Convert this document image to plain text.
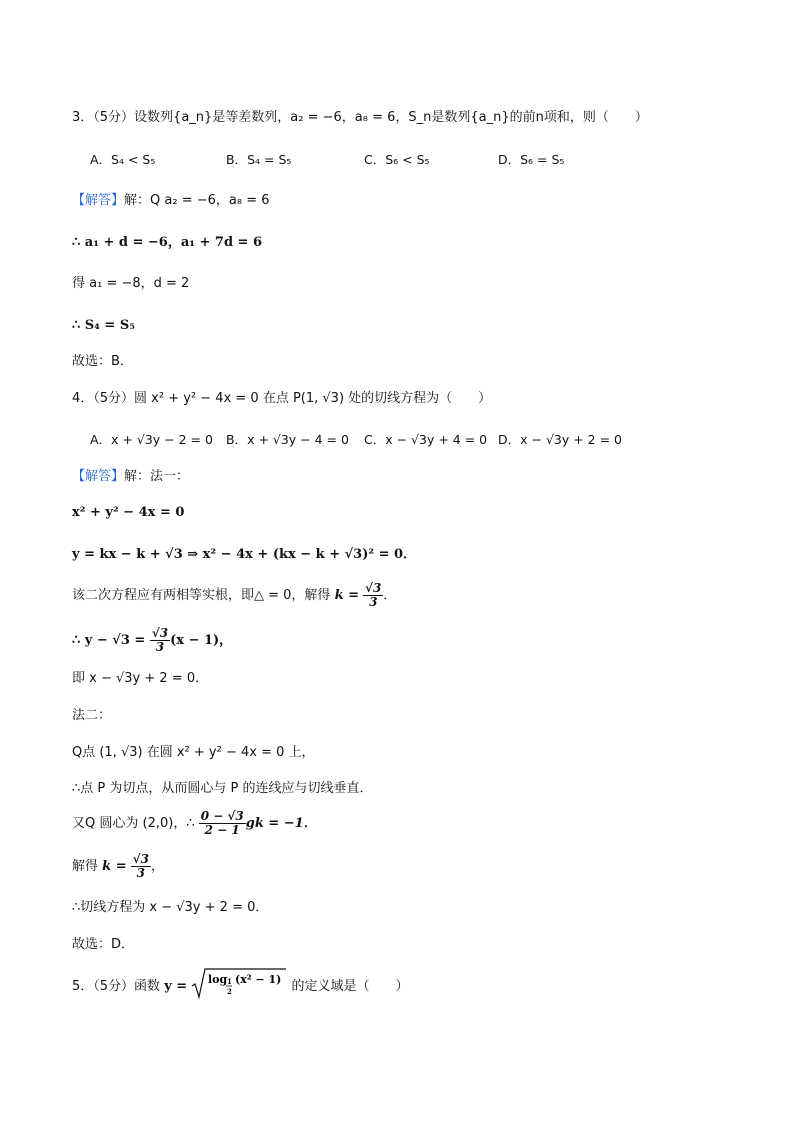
3．（5分）设数列{a_n}是等差数列，a₂ = −6，a₈ = 6，S_n是数列{a_n}的前n项和，则（　　）
A．S₄ < S₅	B．S₄ = S₅	C．S₆ < S₅	D．S₆ = S₅
【解答】解：Q a₂ = −6，a₈ = 6
∴ a₁ + d = −6，a₁ + 7d = 6
得 a₁ = −8，d = 2
∴ S₄ = S₅
故选：B．
4．（5分）圆 x² + y² − 4x = 0 在点 P(1, √3) 处的切线方程为（　　）
A．x + √3y − 2 = 0 B．x + √3y − 4 = 0 C．x − √3y + 4 = 0 D．x − √3y + 2 = 0
【解答】解：法一：
x² + y² − 4x = 0
y = kx − k + √3 ⇒ x² − 4x + (kx − k + √3)² = 0．
该二次方程应有两相等实根，即△ = 0，解得 $k = \frac{√3}{3}$ ．
∴ $y - √3 = \frac{√3}{3} (x - 1)$，
即 x − √3y + 2 = 0．
法二：
Q点 (1, √3) 在圆 x² + y² − 4x = 0 上，
∴点 P 为切点，从而圆心与 P 的连线应与切线垂直．
又Q 圆心为 (2,0)，∴ $\frac{0 - √3}{2 - 1}$ gk = −1．
解得 $k = \frac{√3}{3}$ ，
∴切线方程为 x − √3y + 2 = 0．
故选：D．
5．（5分）函数 y = log 1
2
(x² − 1) 的定义域是（　　）
